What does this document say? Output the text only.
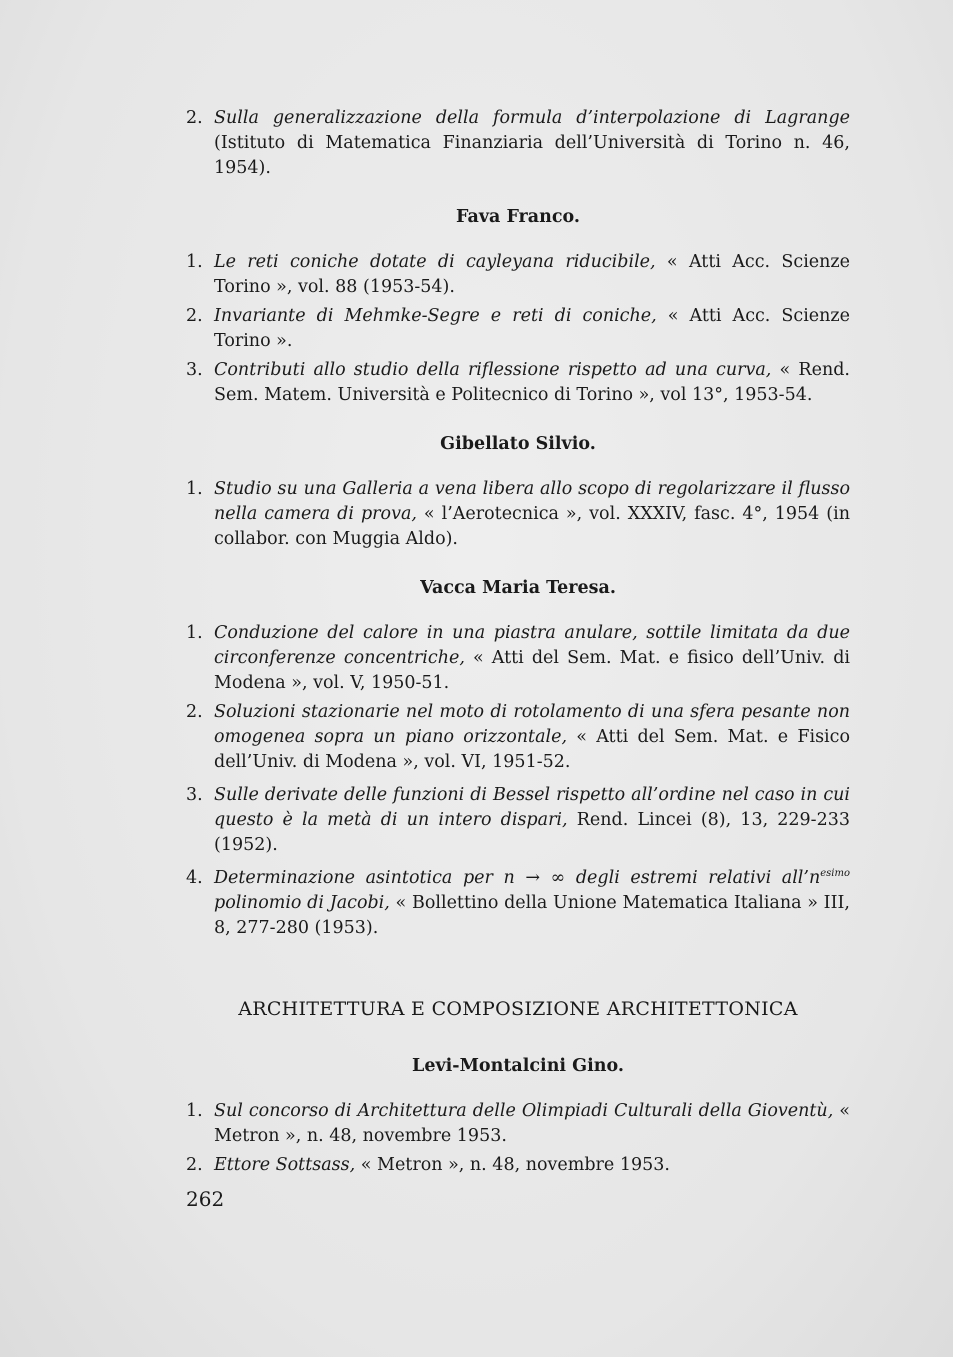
2. Sulla generalizzazione della formula d’interpolazione di Lagrange (Istituto di Matematica Finanziaria dell’Università di Torino n. 46, 1954).
Fava Franco.
1. Le reti coniche dotate di cayleyana riducibile, « Atti Acc. Scienze Torino », vol. 88 (1953-54).
2. Invariante di Mehmke-Segre e reti di coniche, « Atti Acc. Scienze Torino ».
3. Contributi allo studio della riflessione rispetto ad una curva, « Rend. Sem. Matem. Università e Politecnico di Torino », vol 13°, 1953-54.
Gibellato Silvio.
1. Studio su una Galleria a vena libera allo scopo di regolarizzare il flusso nella camera di prova, « l’Aerotecnica », vol. XXXIV, fasc. 4°, 1954 (in collabor. con Muggia Aldo).
Vacca Maria Teresa.
1. Conduzione del calore in una piastra anulare, sottile limitata da due circonferenze concentriche, « Atti del Sem. Mat. e fisico dell’Univ. di Modena », vol. V, 1950-51.
2. Soluzioni stazionarie nel moto di rotolamento di una sfera pesante non omogenea sopra un piano orizzontale, « Atti del Sem. Mat. e Fisico dell’Univ. di Modena », vol. VI, 1951-52.
3. Sulle derivate delle funzioni di Bessel rispetto all’ordine nel caso in cui questo è la metà di un intero dispari, Rend. Lincei (8), 13, 229-233 (1952).
4. Determinazione asintotica per n → ∞ degli estremi relativi $all’n^{esimo}$ polinomio di Jacobi, « Bollettino della Unione Matematica Italiana » III, 8, 277-280 (1953).
ARCHITETTURA E COMPOSIZIONE ARCHITETTONICA
Levi-Montalcini Gino.
1. Sul concorso di Architettura delle Olimpiadi Culturali della Gioventù, « Metron », n. 48, novembre 1953.
2. Ettore Sottsass, « Metron », n. 48, novembre 1953.
262
